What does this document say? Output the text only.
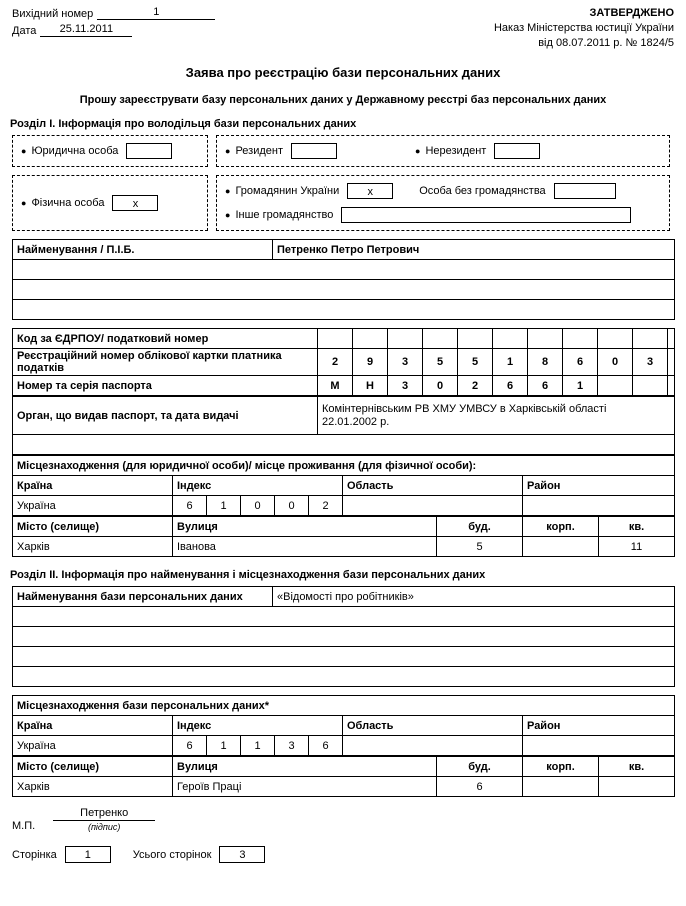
Вихідний номер	1
Дата	25.11.2011
ЗАТВЕРДЖЕНО
Наказ Міністерства юстиції України
від 08.07.2011 р. № 1824/5
Заява про реєстрацію бази персональних даних
Прошу зареєструвати базу персональних даних у Державному реєстрі баз персональних даних
Розділ I. Інформація про володільця бази персональних даних
● Юридична особа	● Резидент	● Нерезидент
● Фізична особа	x
● Громадянин України	x	Особа без громадянства
● Інше громадянство
Найменування / П.І.Б.	Петренко Петро Петрович

Код за ЄДРПОУ/ податковий номер											
Реєстраційний номер облікової картки платника податків	2	9	3	5	5	1	8	6	0	3	
Номер та серія паспорта	М	Н	3	0	2	6	6	1			
Орган, що видав паспорт, та дата видачі	
Комінтернівським РВ ХМУ УМВСУ в Харківській області
22.01.2002 р.

Місцезнаходження (для юридичної особи)/ місце проживання (для фізичної особи):							
Країна	Індекс					Область	Район
Україна	6	1	0	0	2		
Місто (селище)	Вулиця	буд.	корп.	кв.
Харків	Іванова	5		11
Розділ II. Інформація про найменування і місцезнаходження бази персональних даних
Найменування бази персональних даних	«Відомості про робітників»

Місцезнаходження бази персональних даних*							
Країна	Індекс					Область	Район
Україна	6	1	1	3	6		
Місто (селище)	Вулиця	буд.	корп.	кв.
Харків	Героїв Праці	6		
М.П.
Петренко
(підпис)
Сторінка	1	Усього сторінок	3
